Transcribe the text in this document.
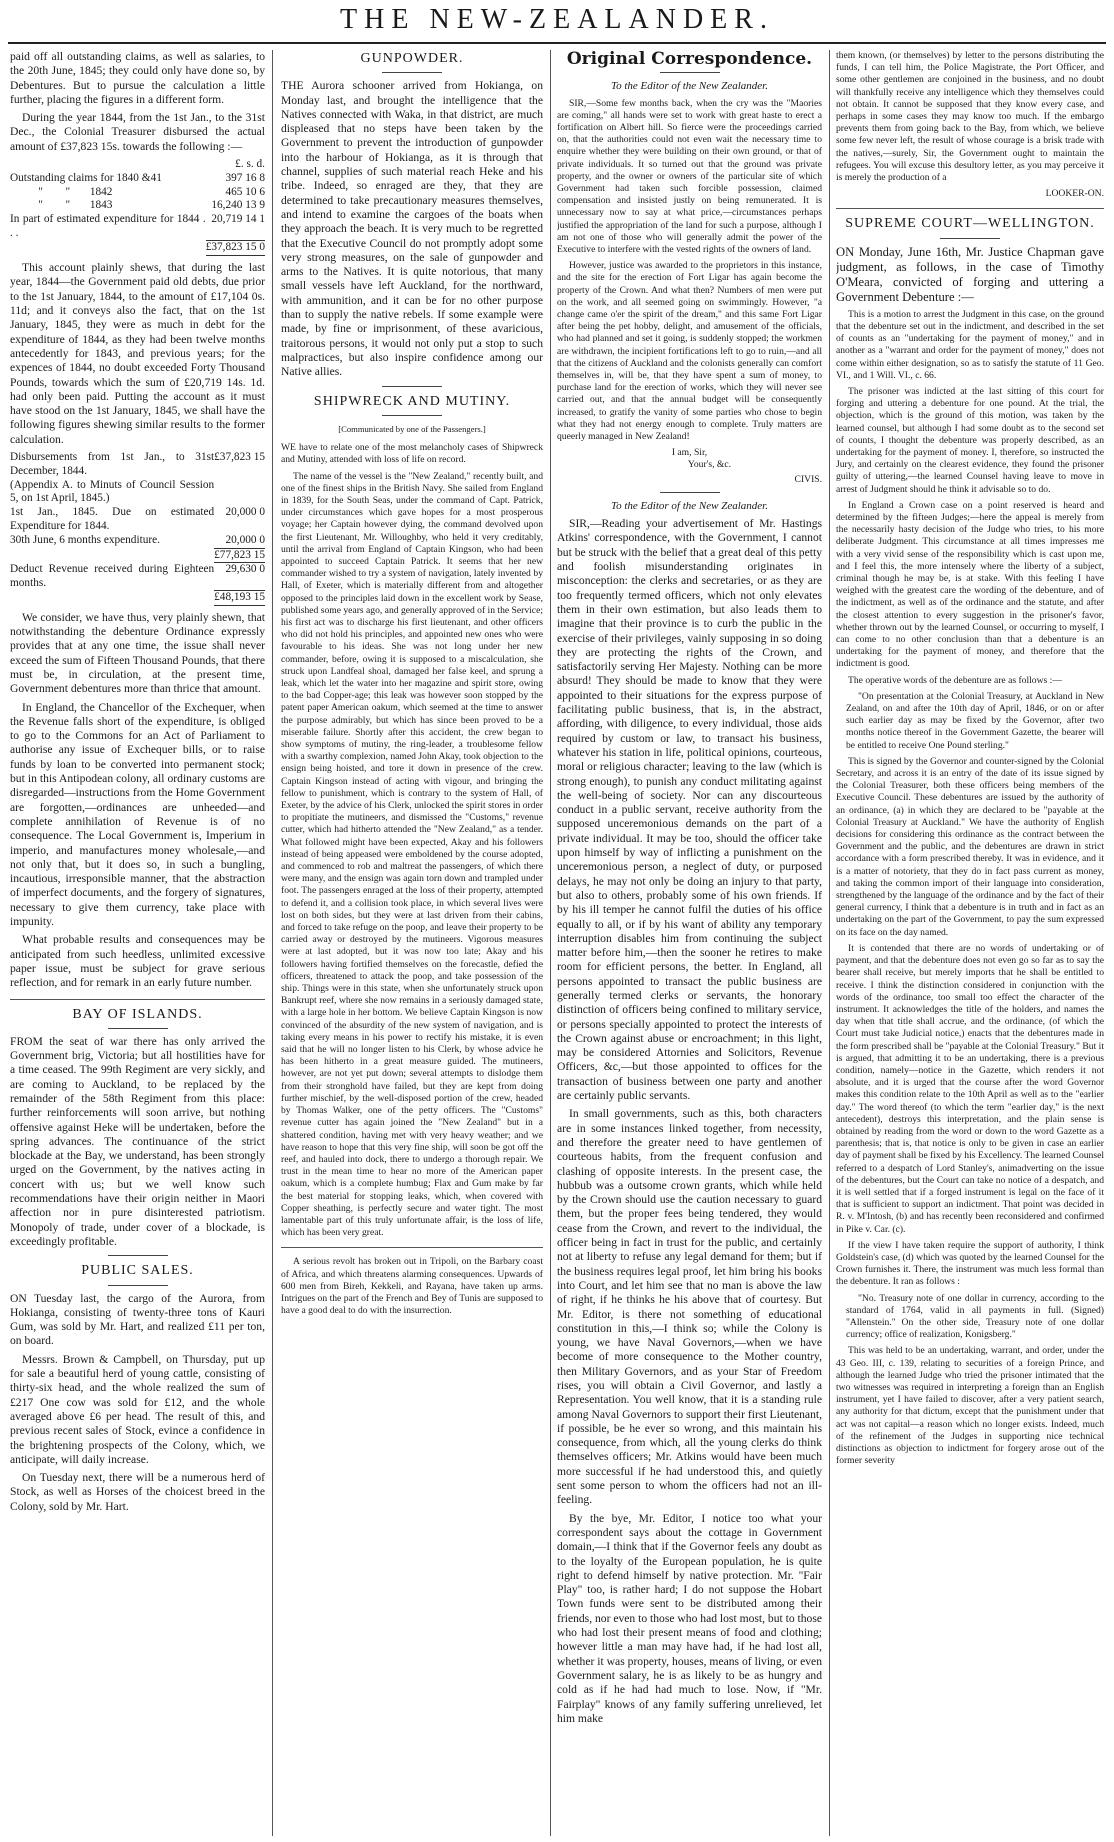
THE NEW-ZEALANDER.

paid off all outstanding claims, as well as salaries, to the 20th June, 1845; they could only have done so, by Debentures. But to pursue the calculation a little further, placing the figures in a different form.

During the year 1844, from the 1st Jan., to the 31st Dec., the Colonial Treasurer disbursed the actual amount of £37,823 15s. towards the following :—

	£. s. d.
Outstanding claims for 1840 &41	397 16 8
"        "       1842	465 10 6
"        "       1843	16,240 13 9
In part of estimated expenditure for 1844 . . .	20,719 14 1
	£37,823 15 0

This account plainly shews, that during the last year, 1844—the Government paid old debts, due prior to the 1st January, 1844, to the amount of £17,104 0s. 11d; and it conveys also the fact, that on the 1st January, 1845, they were as much in debt for the expenditure of 1844, as they had been twelve months antecedently for 1843, and previous years; for the expences of 1844, no doubt exceeded Forty Thousand Pounds, towards which the sum of £20,719 14s. 1d. had only been paid. Putting the account as it must have stood on the 1st January, 1845, we shall have the following figures shewing similar results to the former calculation.

Disbursements from 1st Jan., to 31st December, 1844.	£37,823 15
(Appendix A. to Minuts of Council Session 5, on 1st April, 1845.)	
1st Jan., 1845. Due on estimated Expenditure for 1844.	20,000 0
30th June, 6 months expenditure.	20,000 0
	£77,823 15
Deduct Revenue received during Eighteen months.	29,630 0
	£48,193 15

We consider, we have thus, very plainly shewn, that notwithstanding the debenture Ordinance expressly provides that at any one time, the issue shall never exceed the sum of Fifteen Thousand Pounds, that there must be, in circulation, at the present time, Government debentures more than thrice that amount.

In England, the Chancellor of the Exchequer, when the Revenue falls short of the expenditure, is obliged to go to the Commons for an Act of Parliament to authorise any issue of Exchequer bills, or to raise funds by loan to be converted into permanent stock; but in this Antipodean colony, all ordinary customs are disregarded—instructions from the Home Government are forgotten,—ordinances are unheeded—and complete annihilation of Revenue is of no consequence. The Local Government is, Imperium in imperio, and manufactures money wholesale,—and not only that, but it does so, in such a bungling, incautious, irresponsible manner, that the abstraction of imperfect documents, and the forgery of signatures, necessary to give them currency, take place with impunity.

What probable results and consequences may be anticipated from such heedless, unlimited excessive paper issue, must be subject for grave serious reflection, and for remark in an early future number.

BAY OF ISLANDS.

FROM the seat of war there has only arrived the Government brig, Victoria; but all hostilities have for a time ceased. The 99th Regiment are very sickly, and are coming to Auckland, to be replaced by the remainder of the 58th Regiment from this place: further reinforcements will soon arrive, but nothing offensive against Heke will be undertaken, before the spring advances. The continuance of the strict blockade at the Bay, we understand, has been strongly urged on the Government, by the natives acting in concert with us; but we well know such recommendations have their origin neither in Maori affection nor in pure disinterested patriotism. Monopoly of trade, under cover of a blockade, is exceedingly profitable.

PUBLIC SALES.

ON Tuesday last, the cargo of the Aurora, from Hokianga, consisting of twenty-three tons of Kauri Gum, was sold by Mr. Hart, and realized £11 per ton, on board.

Messrs. Brown & Campbell, on Thursday, put up for sale a beautiful herd of young cattle, consisting of thirty-six head, and the whole realized the sum of £217 One cow was sold for £12, and the whole averaged above £6 per head. The result of this, and previous recent sales of Stock, evince a confidence in the brightening prospects of the Colony, which, we anticipate, will daily increase.

On Tuesday next, there will be a numerous herd of Stock, as well as Horses of the choicest breed in the Colony, sold by Mr. Hart.

GUNPOWDER.

THE Aurora schooner arrived from Hokianga, on Monday last, and brought the intelligence that the Natives connected with Waka, in that district, are much displeased that no steps have been taken by the Government to prevent the introduction of gunpowder into the harbour of Hokianga, as it is through that channel, supplies of such material reach Heke and his tribe. Indeed, so enraged are they, that they are determined to take precautionary measures themselves, and intend to examine the cargoes of the boats when they approach the beach. It is very much to be regretted that the Executive Council do not promptly adopt some very strong measures, on the sale of gunpowder and arms to the Natives. It is quite notorious, that many small vessels have left Auckland, for the northward, with ammunition, and it can be for no other purpose than to supply the native rebels. If some example were made, by fine or imprisonment, of these avaricious, traitorous persons, it would not only put a stop to such malpractices, but also inspire confidence among our Native allies.

SHIPWRECK AND MUTINY.
[Communicated by one of the Passengers.]

WE have to relate one of the most melancholy cases of Shipwreck and Mutiny, attended with loss of life on record.

The name of the vessel is the "New Zealand," recently built, and one of the finest ships in the British Navy. She sailed from England in 1839, for the South Seas, under the command of Capt. Patrick, under circumstances which gave hopes for a most prosperous voyage; her Captain however dying, the command devolved upon the first Lieutenant, Mr. Willoughby, who held it very creditably, until the arrival from England of Captain Kingson, who had been appointed to succeed Captain Patrick. It seems that her new commander wished to try a system of navigation, lately invented by Hall, of Exeter, which is materially different from and altogether opposed to the principles laid down in the excellent work by Sease, published some years ago, and generally approved of in the Service; his first act was to discharge his first lieutenant, and other officers who did not hold his principles, and appointed new ones who were favourable to his ideas. She was not long under her new commander, before, owing it is supposed to a miscalculation, she struck upon Landfeal shoal, damaged her false keel, and sprung a leak, which let the water into her magazine and spirit store, owing to the bad Copper-age; this leak was however soon stopped by the patent paper American oakum, which seemed at the time to answer the purpose admirably, but which has since been proved to be a miserable failure. Shortly after this accident, the crew began to show symptoms of mutiny, the ring-leader, a troublesome fellow with a swarthy complexion, named John Akay, took objection to the ensign being hoisted, and tore it down in presence of the crew. Captain Kingson instead of acting with vigour, and bringing the fellow to punishment, which is contrary to the system of Hall, of Exeter, by the advice of his Clerk, unlocked the spirit stores in order to propitiate the mutineers, and dismissed the "Customs," revenue cutter, which had hitherto attended the "New Zealand," as a tender. What followed might have been expected, Akay and his followers instead of being appeased were emboldened by the course adopted, and commenced to rob and maltreat the passengers, of which there were many, and the ensign was again torn down and trampled under foot. The passengers enraged at the loss of their property, attempted to defend it, and a collision took place, in which several lives were lost on both sides, but they were at last driven from their cabins, and forced to take refuge on the poop, and leave their property to be carried away or destroyed by the mutineers. Vigorous measures were at last adopted, but it was now too late; Akay and his followers having fortified themselves on the forecastle, defied the officers, threatened to attack the poop, and take possession of the ship. Things were in this state, when she unfortunately struck upon Bankrupt reef, where she now remains in a seriously damaged state, with a large hole in her bottom. We believe Captain Kingson is now convinced of the absurdity of the new system of navigation, and is taking every means in his power to rectify his mistake, it is even said that he will no longer listen to his Clerk, by whose advice he has been hitherto in a great measure guided. The mutineers, however, are not yet put down; several attempts to dislodge them from their stronghold have failed, but they are kept from doing further mischief, by the well-disposed portion of the crew, headed by Thomas Walker, one of the petty officers. The "Customs" revenue cutter has again joined the "New Zealand" but in a shattered condition, having met with very heavy weather; and we have reason to hope that this very fine ship, will soon be got off the reef, and hauled into dock, there to undergo a thorough repair. We trust in the mean time to hear no more of the American paper oakum, which is a complete humbug; Flax and Gum make by far the best material for stopping leaks, which, when covered with Copper sheathing, is perfectly secure and water tight. The most lamentable part of this truly unfortunate affair, is the loss of life, which has been very great.

A serious revolt has broken out in Tripoli, on the Barbary coast of Africa, and which threatens alarming consequences. Upwards of 600 men from Bireh, Kekkeli, and Rayana, have taken up arms. Intrigues on the part of the French and Bey of Tunis are supposed to have a good deal to do with the insurrection.

Original Correspondence.
To the Editor of the New Zealander.

SIR,—Some few months back, when the cry was the "Maories are coming," all hands were set to work with great haste to erect a fortification on Albert hill. So fierce were the proceedings carried on, that the authorities could not even wait the necessary time to enquire whether they were building on their own ground, or that of private individuals. It so turned out that the ground was private property, and the owner or owners of the particular site of which Government had taken such forcible possession, claimed compensation and insisted justly on being remunerated. It is unnecessary now to say at what price,—circumstances perhaps justified the appropriation of the land for such a purpose, although I am not one of those who will generally admit the power of the Executive to interfere with the vested rights of the owners of land.

However, justice was awarded to the proprietors in this instance, and the site for the erection of Fort Ligar has again become the property of the Crown. And what then? Numbers of men were put on the work, and all seemed going on swimmingly. However, "a change came o'er the spirit of the dream," and this same Fort Ligar after being the pet hobby, delight, and amusement of the officials, who had planned and set it going, is suddenly stopped; the workmen are withdrawn, the incipient fortifications left to go to ruin,—and all that the citizens of Auckland and the colonists generally can comfort themselves in, will be, that they have spent a sum of money, to purchase land for the erection of works, which they will never see carried out, and that the annual budget will be consequently increased, to gratify the vanity of some parties who chose to begin what they had not energy enough to complete. Truly matters are queerly managed in New Zealand!

I am, Sir,
Your's, &c.
CIVIS.
To the Editor of the New Zealander.

SIR,—Reading your advertisement of Mr. Hastings Atkins' correspondence, with the Government, I cannot but be struck with the belief that a great deal of this petty and foolish misunderstanding originates in misconception: the clerks and secretaries, or as they are too frequently termed officers, which not only elevates them in their own estimation, but also leads them to imagine that their province is to curb the public in the exercise of their privileges, vainly supposing in so doing they are protecting the rights of the Crown, and satisfactorily serving Her Majesty. Nothing can be more absurd! They should be made to know that they were appointed to their situations for the express purpose of facilitating public business, that is, in the abstract, affording, with diligence, to every individual, those aids required by custom or law, to transact his business, whatever his station in life, political opinions, courteous, moral or religious character; leaving to the law (which is strong enough), to punish any conduct militating against the well-being of society. Nor can any discourteous conduct in a public servant, receive authority from the supposed unceremonious demands on the part of a private individual. It may be too, should the officer take upon himself by way of inflicting a punishment on the unceremonious person, a neglect of duty, or purposed delays, he may not only be doing an injury to that party, but also to others, probably some of his own friends. If by his ill temper he cannot fulfil the duties of his office equally to all, or if by his want of ability any temporary interruption disables him from continuing the subject matter before him,—then the sooner he retires to make room for efficient persons, the better. In England, all persons appointed to transact the public business are generally termed clerks or servants, the honorary distinction of officers being confined to military service, or persons specially appointed to protect the interests of the Crown against abuse or encroachment; in this light, may be considered Attornies and Solicitors, Revenue Officers, &c,—but those appointed to offices for the transaction of business between one party and another are certainly public servants.

In small governments, such as this, both characters are in some instances linked together, from necessity, and therefore the greater need to have gentlemen of courteous habits, from the frequent confusion and clashing of opposite interests. In the present case, the hubbub was a outsome crown grants, which while held by the Crown should use the caution necessary to guard them, but the proper fees being tendered, they would cease from the Crown, and revert to the individual, the officer being in fact in trust for the public, and certainly not at liberty to refuse any legal demand for them; but if the business requires legal proof, let him bring his books into Court, and let him see that no man is above the law of right, if he thinks he his above that of courtesy. But Mr. Editor, is there not something of educational constitution in this,—I think so; while the Colony is young, we have Naval Governors,—when we have become of more consequence to the Mother country, then Military Governors, and as your Star of Freedom rises, you will obtain a Civil Governor, and lastly a Representation. You well know, that it is a standing rule among Naval Governors to support their first Lieutenant, if possible, be he ever so wrong, and this maintain his consequence, from which, all the young clerks do think themselves officers; Mr. Atkins would have been much more successful if he had understood this, and quietly sent some person to whom the officers had not an ill-feeling.

By the bye, Mr. Editor, I notice too what your correspondent says about the cottage in Government domain,—I think that if the Governor feels any doubt as to the loyalty of the European population, he is quite right to defend himself by native protection. Mr. "Fair Play" too, is rather hard; I do not suppose the Hobart Town funds were sent to be distributed among their friends, nor even to those who had lost most, but to those who had lost their present means of food and clothing; however little a man may have had, if he had lost all, whether it was property, houses, means of living, or even Government salary, he is as likely to be as hungry and cold as if he had had much to lose. Now, if "Mr. Fairplay" knows of any family suffering unrelieved, let him make

them known, (or themselves) by letter to the persons distributing the funds, I can tell him, the Police Magistrate, the Port Officer, and some other gentlemen are conjoined in the business, and no doubt will thankfully receive any intelligence which they themselves could not obtain. It cannot be supposed that they know every case, and perhaps in some cases they may know too much. If the embargo prevents them from going back to the Bay, from which, we believe some few never left, the result of whose courage is a brisk trade with the natives,—surely, Sir, the Government ought to maintain the refugees. You will excuse this desultory letter, as you may perceive it is merely the production of a

LOOKER-ON.
SUPREME COURT—WELLINGTON.

ON Monday, June 16th, Mr. Justice Chapman gave judgment, as follows, in the case of Timothy O'Meara, convicted of forging and uttering a Government Debenture :—

This is a motion to arrest the Judgment in this case, on the ground that the debenture set out in the indictment, and described in the set of counts as an "undertaking for the payment of money," and in another as a "warrant and order for the payment of money," does not come within either designation, so as to satisfy the statute of 11 Geo. VI., and 1 Will. VI., c. 66.

The prisoner was indicted at the last sitting of this court for forging and uttering a debenture for one pound. At the trial, the objection, which is the ground of this motion, was taken by the learned counsel, but although I had some doubt as to the second set of counts, I thought the debenture was properly described, as an undertaking for the payment of money. I, therefore, so instructed the Jury, and certainly on the clearest evidence, they found the prisoner guilty of uttering,—the learned Counsel having leave to move in arrest of Judgment should he think it advisable so to do.

In England a Crown case on a point reserved is heard and determined by the fifteen Judges;—here the appeal is merely from the necessarily hasty decision of the Judge who tries, to his more deliberate Judgment. This circumstance at all times impresses me with a very vivid sense of the responsibility which is cast upon me, and I feel this, the more intensely where the liberty of a subject, criminal though he may be, is at stake. With this feeling I have weighed with the greatest care the wording of the debenture, and of the indictment, as well as of the ordinance and the statute, and after the closest attention to every suggestion in the prisoner's favor, whether thrown out by the learned Counsel, or occurring to myself, I can come to no other conclusion than that a debenture is an undertaking for the payment of money, and therefore that the indictment is good.

The operative words of the debenture are as follows :—

"On presentation at the Colonial Treasury, at Auckland in New Zealand, on and after the 10th day of April, 1846, or on or after such earlier day as may be fixed by the Governor, after two months notice thereof in the Government Gazette, the bearer will be entitled to receive One Pound sterling."

This is signed by the Governor and counter-signed by the Colonial Secretary, and across it is an entry of the date of its issue signed by the Colonial Treasurer, both these officers being members of the Executive Council. These debentures are issued by the authority of an ordinance, (a) in which they are declared to be "payable at the Colonial Treasury at Auckland." We have the authority of English decisions for considering this ordinance as the contract between the Government and the public, and the debentures are drawn in strict accordance with a form prescribed thereby. It was in evidence, and it is a matter of notoriety, that they do in fact pass current as money, and taking the common import of their language into consideration, strengthened by the language of the ordinance and by the fact of their general currency, I think that a debenture is in truth and in fact as an undertaking on the part of the Government, to pay the sum expressed on its face on the day named.

It is contended that there are no words of undertaking or of payment, and that the debenture does not even go so far as to say the bearer shall receive, but merely imports that he shall be entitled to receive. I think the distinction considered in conjunction with the words of the ordinance, too small too effect the character of the instrument. It acknowledges the title of the holders, and names the day when that title shall accrue, and the ordinance, (of which the Court must take Judicial notice,) enacts that the debentures made in the form prescribed shall be "payable at the Colonial Treasury." But it is argued, that admitting it to be an undertaking, there is a previous condition, namely—notice in the Gazette, which renders it not absolute, and it is urged that the course after the word Governor makes this condition relate to the 10th April as well as to the "earlier day." The word thereof (to which the term "earlier day," is the next antecedent), destroys this interpretation, and the plain sense is obtained by reading from the word or down to the word Gazette as a parenthesis; that is, that notice is only to be given in case an earlier day of payment shall be fixed by his Excellency. The learned Counsel referred to a despatch of Lord Stanley's, animadverting on the issue of the debentures, but the Court can take no notice of a despatch, and it is well settled that if a forged instrument is legal on the face of it that is sufficient to support an indictment. That point was decided in R. v. M'Intosh, (b) and has recently been reconsidered and confirmed in Pike v. Car. (c).

If the view I have taken require the support of authority, I think Goldstein's case, (d) which was quoted by the learned Counsel for the Crown furnishes it. There, the instrument was much less formal than the debenture. It ran as follows :

"No. Treasury note of one dollar in currency, according to the standard of 1764, valid in all payments in full. (Signed) "Allenstein." On the other side, Treasury note of one dollar currency; office of realization, Konigsberg."

This was held to be an undertaking, warrant, and order, under the 43 Geo. III, c. 139, relating to securities of a foreign Prince, and although the learned Judge who tried the prisoner intimated that the two witnesses was required in interpreting a foreign than an English instrument, yet I have failed to discover, after a very patient search, any authority for that dictum, except that the punishment under that act was not capital—a reason which no longer exists. Indeed, much of the refinement of the Judges in supporting nice technical distinctions as objection to indictment for forgery arose out of the former severity
